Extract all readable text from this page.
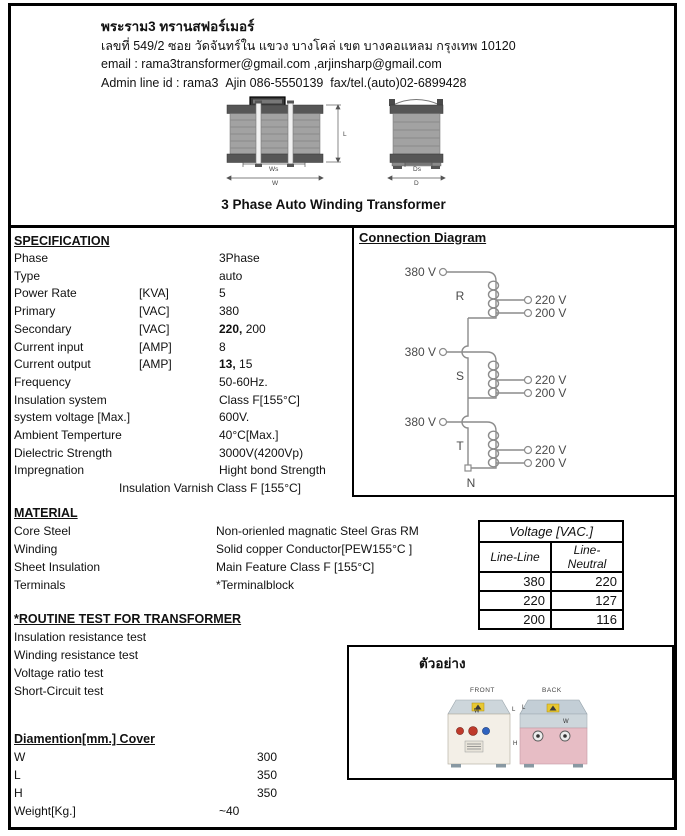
พระราม3 ทรานสฟอร์เมอร์
เลขที่ 549/2 ซอย วัดจันทร์ใน แขวง บางโคล่ เขต บางคอแหลม กรุงเทพ 10120
email : rama3transformer@gmail.com ,arjinsharp@gmail.com
Admin line id : rama3  Ajin 086-5550139  fax/tel.(auto)02-6899428
L
Ws
W
Ds
D
3 Phase Auto Winding Transformer
SPECIFICATION
Phase	3Phase
Type	auto
Power Rate	[KVA]	5
Primary	[VAC]	380
Secondary	[VAC]	220, 200
Current input	[AMP]	8
Current output	[AMP]	13, 15
Frequency	50-60Hz.
Insulation system	Class F[155°C]
system voltage [Max.]	600V.
Ambient Temperture	40°C[Max.]
Dielectric Strength	3000V(4200Vp)
Impregnation	Hight bond Strength
Insulation Varnish Class F [155°C]
Connection Diagram
380 V
R	220 V
200 V
380 V
S	220 V
200 V
380 V
T	220 V
200 V
N
MATERIAL
Core Steel	Non-orienled magnatic Steel Gras RM
Winding	Solid copper Conductor[PEW155°C ]
Sheet Insulation	Main Feature Class F [155°C]
Terminals	*Terminalblock
Voltage [VAC.]	
Line-Line	Line-Neutral
380	220
220	127
200	116
*ROUTINE TEST FOR TRANSFORMER
Insulation resistance test
Winding resistance test
Voltage ratio test
Short-Circuit test
Diamention[mm.] Cover
W	300
L	350
H	350
Weight[Kg.]	~40
ตัวอย่าง
FRONT	BACK
W	L
H
L
W
